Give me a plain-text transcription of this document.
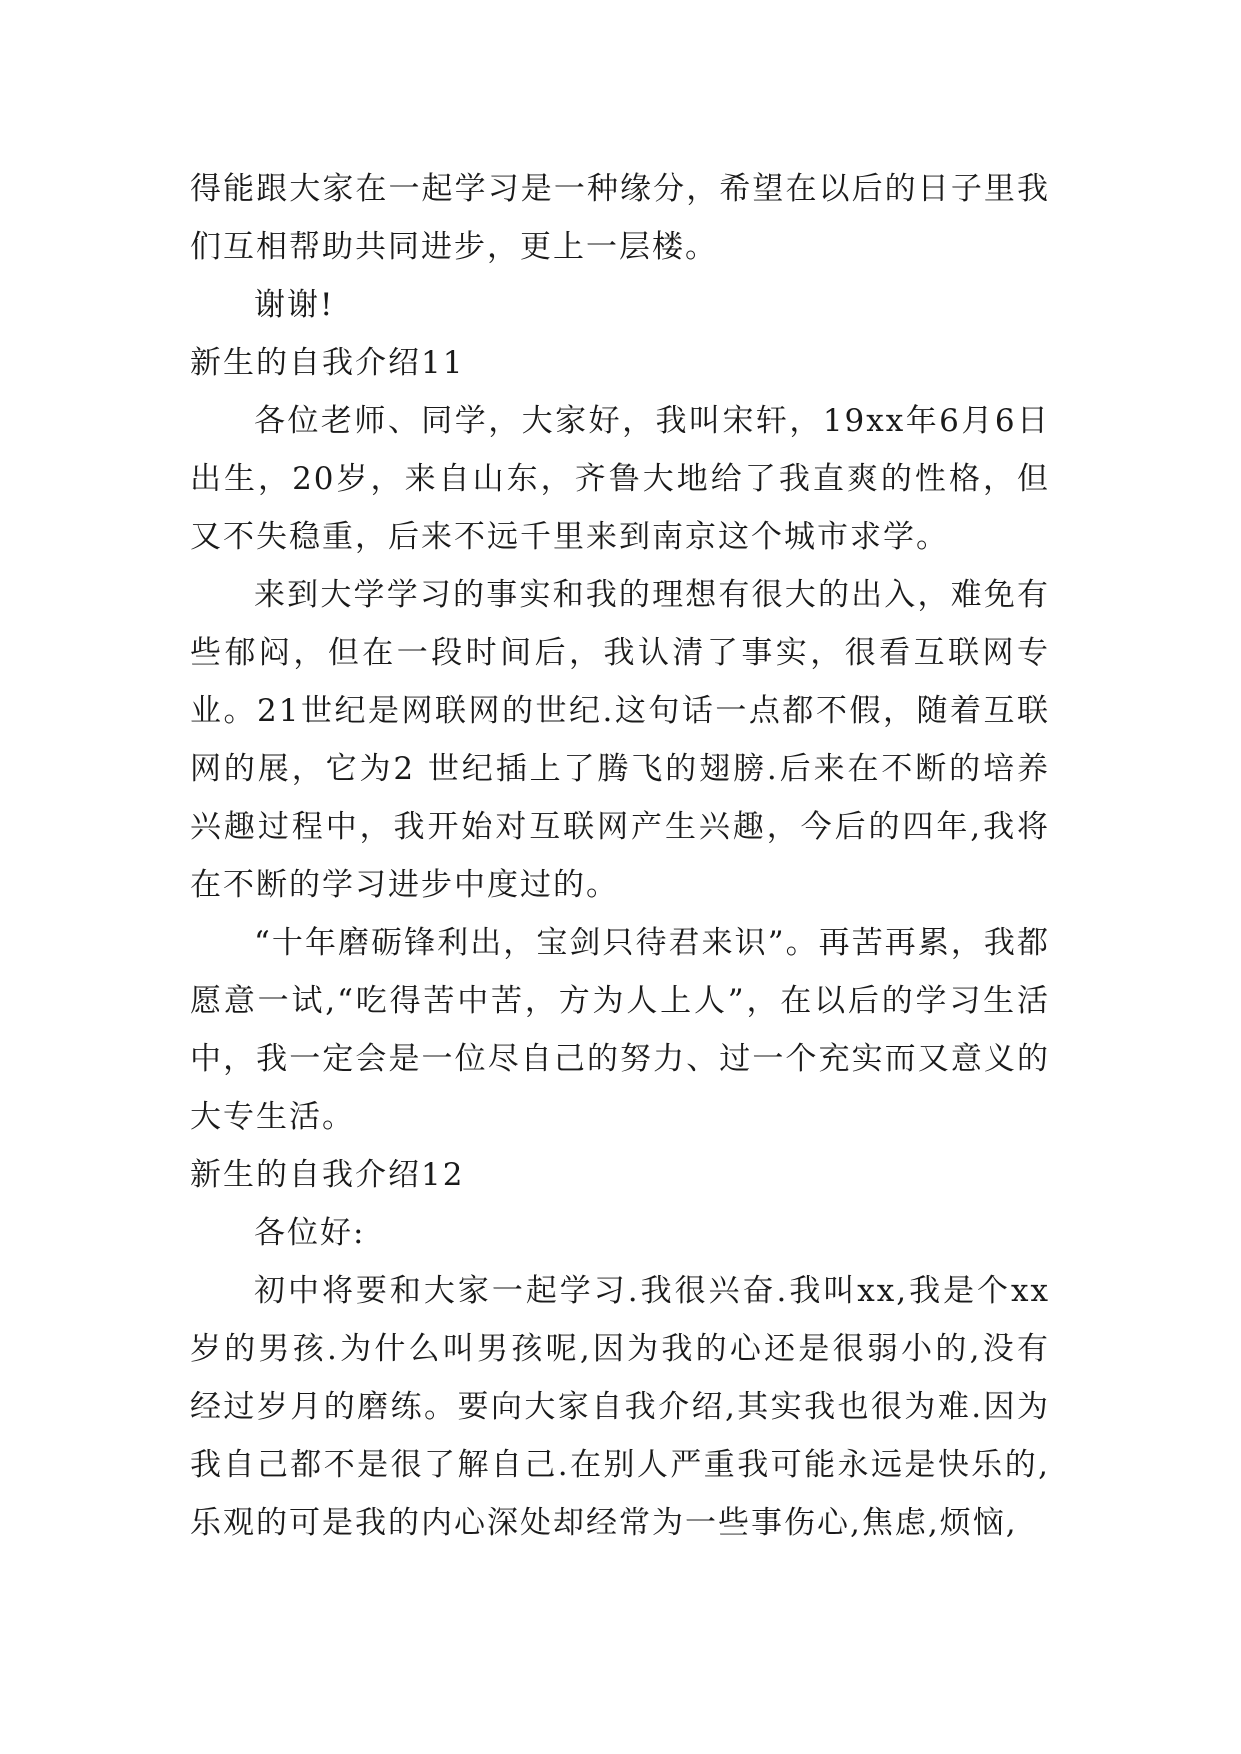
得能跟大家在一起学习是一种缘分，希望在以后的日子里我们互相帮助共同进步，更上一层楼。

谢谢!

新生的自我介绍11

各位老师、同学，大家好，我叫宋轩，19xx年6月6日出生，20岁，来自山东，齐鲁大地给了我直爽的性格，但又不失稳重，后来不远千里来到南京这个城市求学。

来到大学学习的事实和我的理想有很大的出入，难免有些郁闷，但在一段时间后，我认清了事实，很看互联网专业。21世纪是网联网的世纪.这句话一点都不假，随着互联网的展，它为2 世纪插上了腾飞的翅膀.后来在不断的培养兴趣过程中，我开始对互联网产生兴趣，今后的四年,我将在不断的学习进步中度过的。

“十年磨砺锋利出，宝剑只待君来识”。再苦再累，我都愿意一试,“吃得苦中苦，方为人上人”，在以后的学习生活中，我一定会是一位尽自己的努力、过一个充实而又意义的大专生活。

新生的自我介绍12

各位好:

初中将要和大家一起学习.我很兴奋.我叫xx,我是个xx岁的男孩.为什么叫男孩呢,因为我的心还是很弱小的,没有经过岁月的磨练。要向大家自我介绍,其实我也很为难.因为我自己都不是很了解自己.在别人严重我可能永远是快乐的,乐观的可是我的内心深处却经常为一些事伤心,焦虑,烦恼,
